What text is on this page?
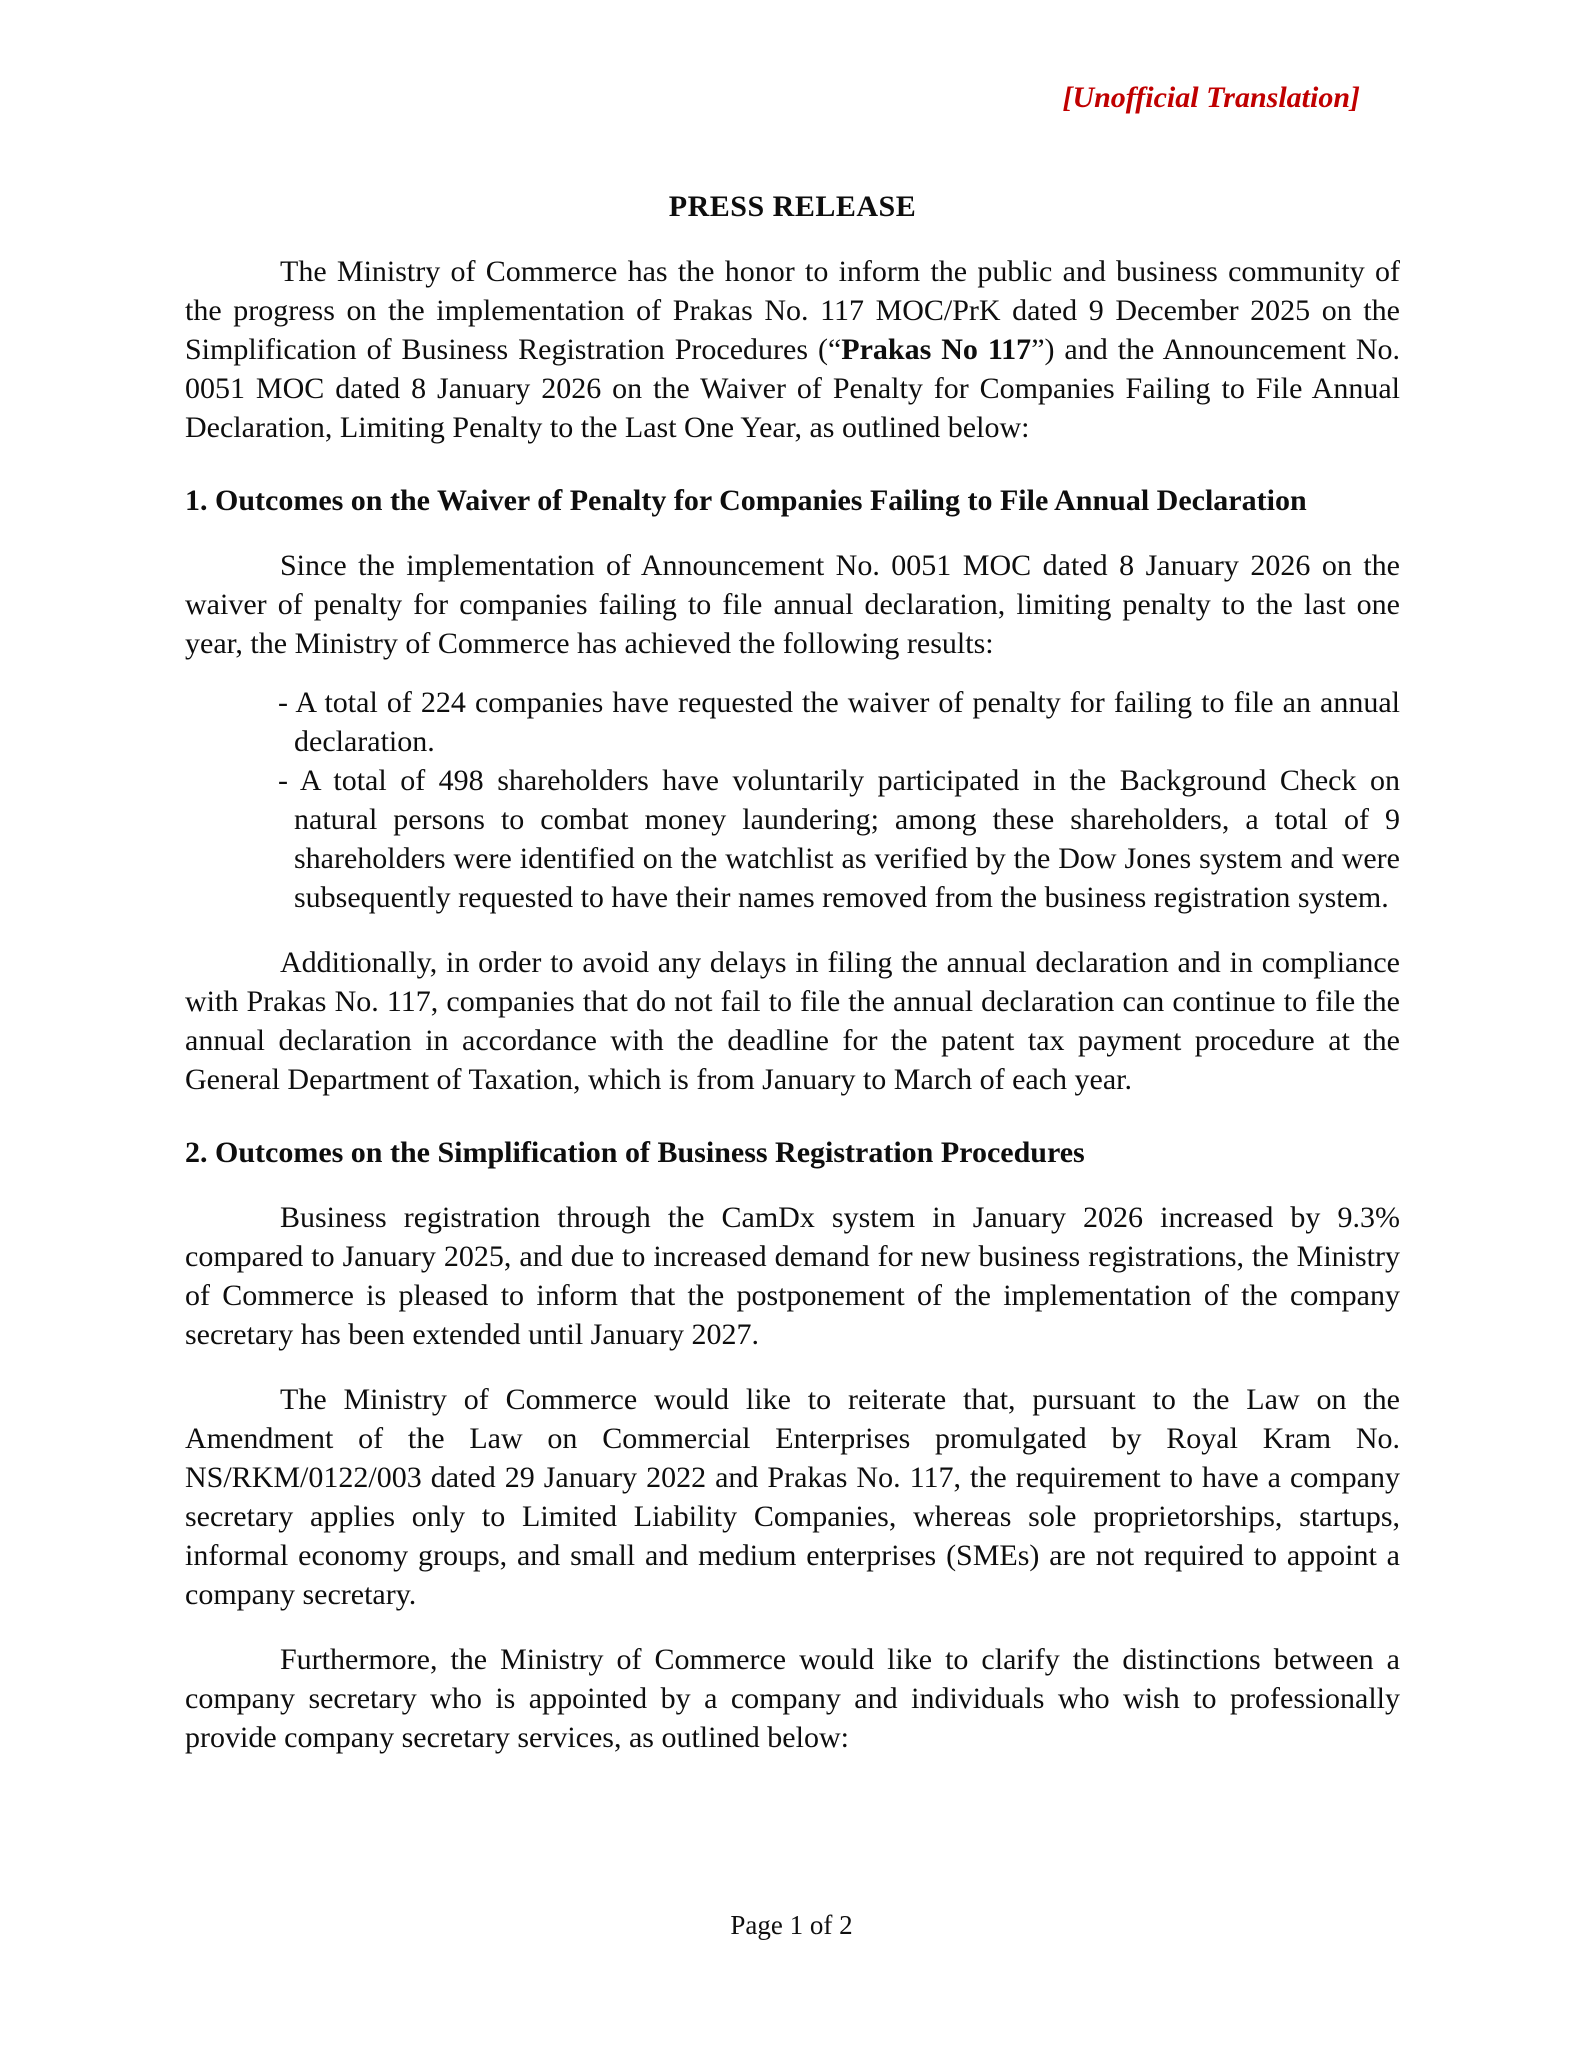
[Unofficial Translation]
PRESS RELEASE

The Ministry of Commerce has the honor to inform the public and business community of the progress on the implementation of Prakas No. 117 MOC/PrK dated 9 December 2025 on the Simplification of Business Registration Procedures (“Prakas No 117”) and the Announcement No. 0051 MOC dated 8 January 2026 on the Waiver of Penalty for Companies Failing to File Annual Declaration, Limiting Penalty to the Last One Year, as outlined below:

1. Outcomes on the Waiver of Penalty for Companies Failing to File Annual Declaration

Since the implementation of Announcement No. 0051 MOC dated 8 January 2026 on the waiver of penalty for companies failing to file annual declaration, limiting penalty to the last one year, the Ministry of Commerce has achieved the following results:

- A total of 224 companies have requested the waiver of penalty for failing to file an annual declaration.
- A total of 498 shareholders have voluntarily participated in the Background Check on natural persons to combat money laundering; among these shareholders, a total of 9 shareholders were identified on the watchlist as verified by the Dow Jones system and were subsequently requested to have their names removed from the business registration system.

Additionally, in order to avoid any delays in filing the annual declaration and in compliance with Prakas No. 117, companies that do not fail to file the annual declaration can continue to file the annual declaration in accordance with the deadline for the patent tax payment procedure at the General Department of Taxation, which is from January to March of each year.

2. Outcomes on the Simplification of Business Registration Procedures

Business registration through the CamDx system in January 2026 increased by 9.3% compared to January 2025, and due to increased demand for new business registrations, the Ministry of Commerce is pleased to inform that the postponement of the implementation of the company secretary has been extended until January 2027.

The Ministry of Commerce would like to reiterate that, pursuant to the Law on the Amendment of the Law on Commercial Enterprises promulgated by Royal Kram No. NS/RKM/0122/003 dated 29 January 2022 and Prakas No. 117, the requirement to have a company secretary applies only to Limited Liability Companies, whereas sole proprietorships, startups, informal economy groups, and small and medium enterprises (SMEs) are not required to appoint a company secretary.

Furthermore, the Ministry of Commerce would like to clarify the distinctions between a company secretary who is appointed by a company and individuals who wish to professionally provide company secretary services, as outlined below:

Page 1 of 2
